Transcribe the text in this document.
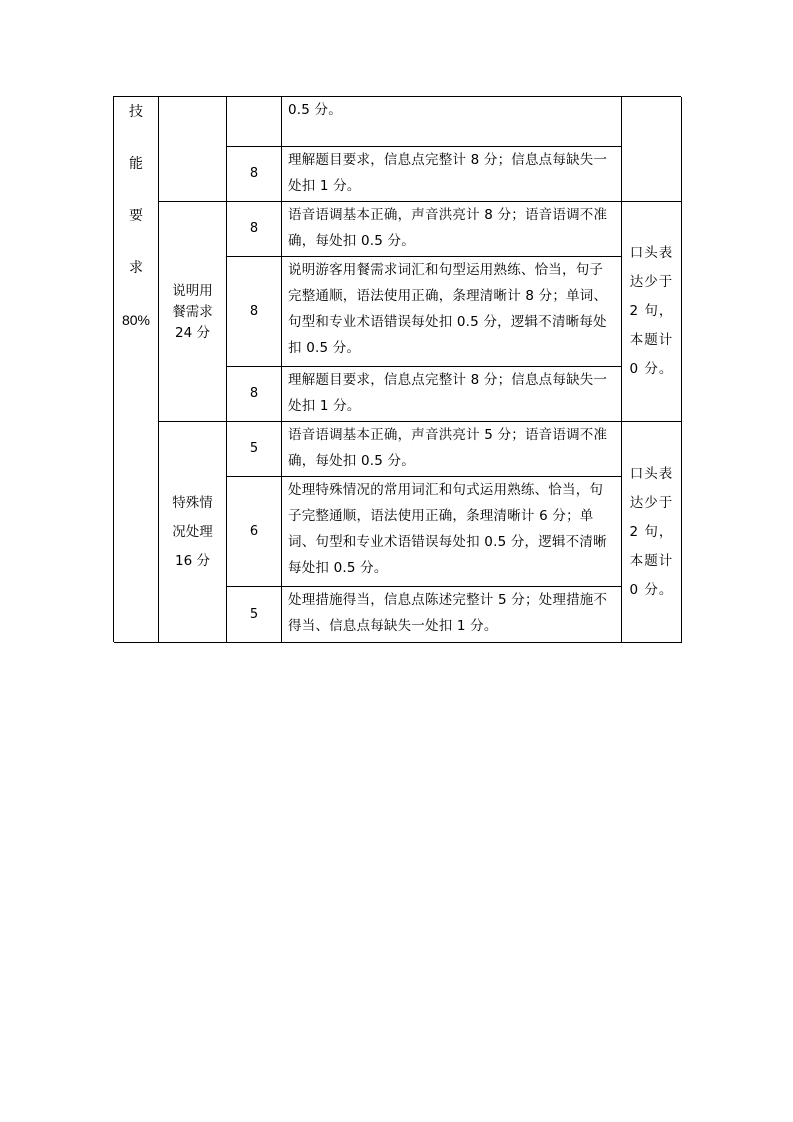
技
能
要
求
80%
0.5 分。
8
理解题目要求，信息点完整计 8 分；信息点每缺失一处扣 1 分。
说明用
餐需求
24 分
8
语音语调基本正确，声音洪亮计 8 分；语音语调不准确，每处扣 0.5 分。
口头表
达少于
2 句，
本题计
0 分。
8
说明游客用餐需求词汇和句型运用熟练、恰当，句子完整通顺，语法使用正确，条理清晰计 8 分；单词、句型和专业术语错误每处扣 0.5 分，逻辑不清晰每处扣 0.5 分。
8
理解题目要求，信息点完整计 8 分；信息点每缺失一处扣 1 分。
特殊情
况处理
16 分
5
语音语调基本正确，声音洪亮计 5 分；语音语调不准确，每处扣 0.5 分。
口头表
达少于
2 句，
本题计
0 分。
6
处理特殊情况的常用词汇和句式运用熟练、恰当，句子完整通顺，语法使用正确，条理清晰计 6 分；单词、句型和专业术语错误每处扣 0.5 分，逻辑不清晰每处扣 0.5 分。
5
处理措施得当，信息点陈述完整计 5 分；处理措施不得当、信息点每缺失一处扣 1 分。
